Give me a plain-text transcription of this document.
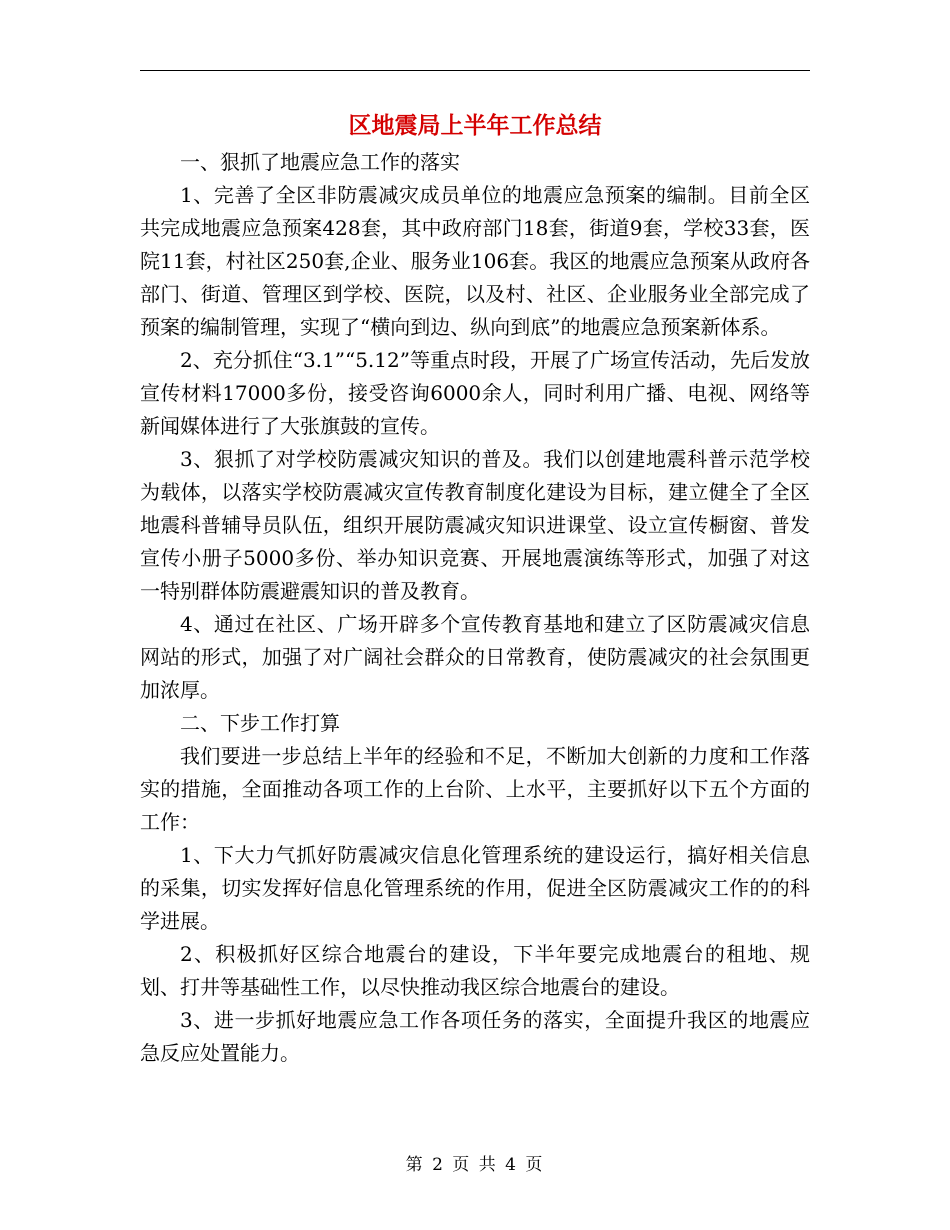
区地震局上半年工作总结

一、狠抓了地震应急工作的落实

1、完善了全区非防震减灾成员单位的地震应急预案的编制。目前全区共完成地震应急预案428套，其中政府部门18套，街道9套，学校33套，医院11套，村社区250套,企业、服务业106套。我区的地震应急预案从政府各部门、街道、管理区到学校、医院，以及村、社区、企业服务业全部完成了预案的编制管理，实现了“横向到边、纵向到底”的地震应急预案新体系。

2、充分抓住“3.1”“5.12”等重点时段，开展了广场宣传活动，先后发放宣传材料17000多份，接受咨询6000余人，同时利用广播、电视、网络等新闻媒体进行了大张旗鼓的宣传。

3、狠抓了对学校防震减灾知识的普及。我们以创建地震科普示范学校为载体，以落实学校防震减灾宣传教育制度化建设为目标，建立健全了全区地震科普辅导员队伍，组织开展防震减灾知识进课堂、设立宣传橱窗、普发宣传小册子5000多份、举办知识竞赛、开展地震演练等形式，加强了对这一特别群体防震避震知识的普及教育。

4、通过在社区、广场开辟多个宣传教育基地和建立了区防震减灾信息网站的形式，加强了对广阔社会群众的日常教育，使防震减灾的社会氛围更加浓厚。

二、下步工作打算

我们要进一步总结上半年的经验和不足，不断加大创新的力度和工作落实的措施，全面推动各项工作的上台阶、上水平，主要抓好以下五个方面的工作：

1、下大力气抓好防震减灾信息化管理系统的建设运行，搞好相关信息的采集，切实发挥好信息化管理系统的作用，促进全区防震减灾工作的的科学进展。

2、积极抓好区综合地震台的建设，下半年要完成地震台的租地、规划、打井等基础性工作，以尽快推动我区综合地震台的建设。

3、进一步抓好地震应急工作各项任务的落实，全面提升我区的地震应急反应处置能力。

第 2 页 共 4 页
